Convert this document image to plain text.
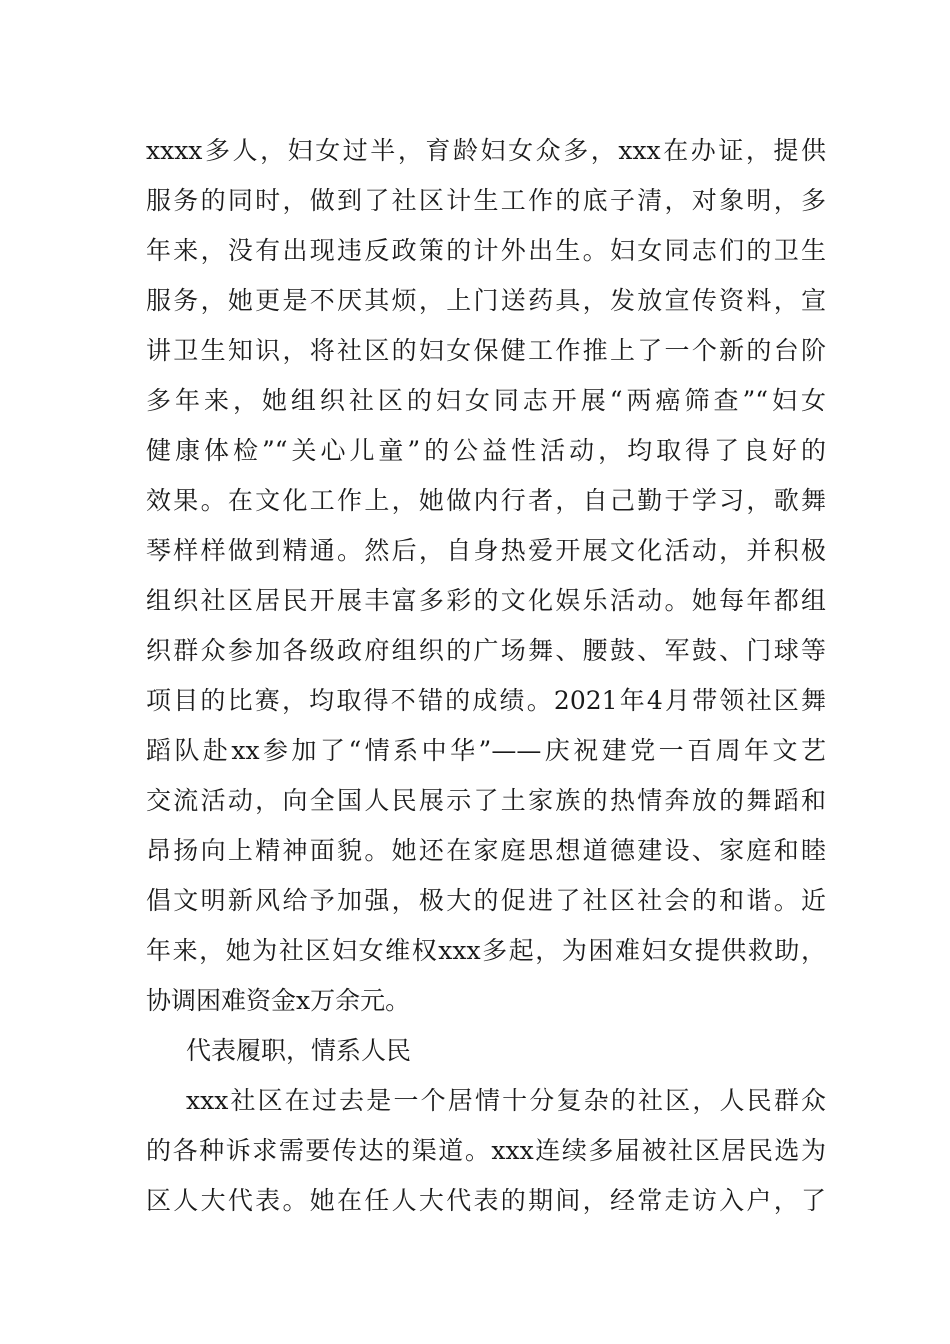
xxxx多人，妇女过半，育龄妇女众多，xxx在办证，提供
服务的同时，做到了社区计生工作的底子清，对象明，多
年来，没有出现违反政策的计外出生。妇女同志们的卫生
服务，她更是不厌其烦，上门送药具，发放宣传资料，宣
讲卫生知识，将社区的妇女保健工作推上了一个新的台阶
多年来，她组织社区的妇女同志开展“两癌筛查”“妇女
健康体检”“关心儿童”的公益性活动，均取得了良好的
效果。在文化工作上，她做内行者，自己勤于学习，歌舞
琴样样做到精通。然后，自身热爱开展文化活动，并积极
组织社区居民开展丰富多彩的文化娱乐活动。她每年都组
织群众参加各级政府组织的广场舞、腰鼓、军鼓、门球等
项目的比赛，均取得不错的成绩。2021年4月带领社区舞
蹈队赴xx参加了“情系中华”——庆祝建党一百周年文艺
交流活动，向全国人民展示了土家族的热情奔放的舞蹈和
昂扬向上精神面貌。她还在家庭思想道德建设、家庭和睦
倡文明新风给予加强，极大的促进了社区社会的和谐。近
年来，她为社区妇女维权xxx多起，为困难妇女提供救助，
协调困难资金x万余元。
代表履职，情系人民
xxx社区在过去是一个居情十分复杂的社区，人民群众
的各种诉求需要传达的渠道。xxx连续多届被社区居民选为
区人大代表。她在任人大代表的期间，经常走访入户，了
